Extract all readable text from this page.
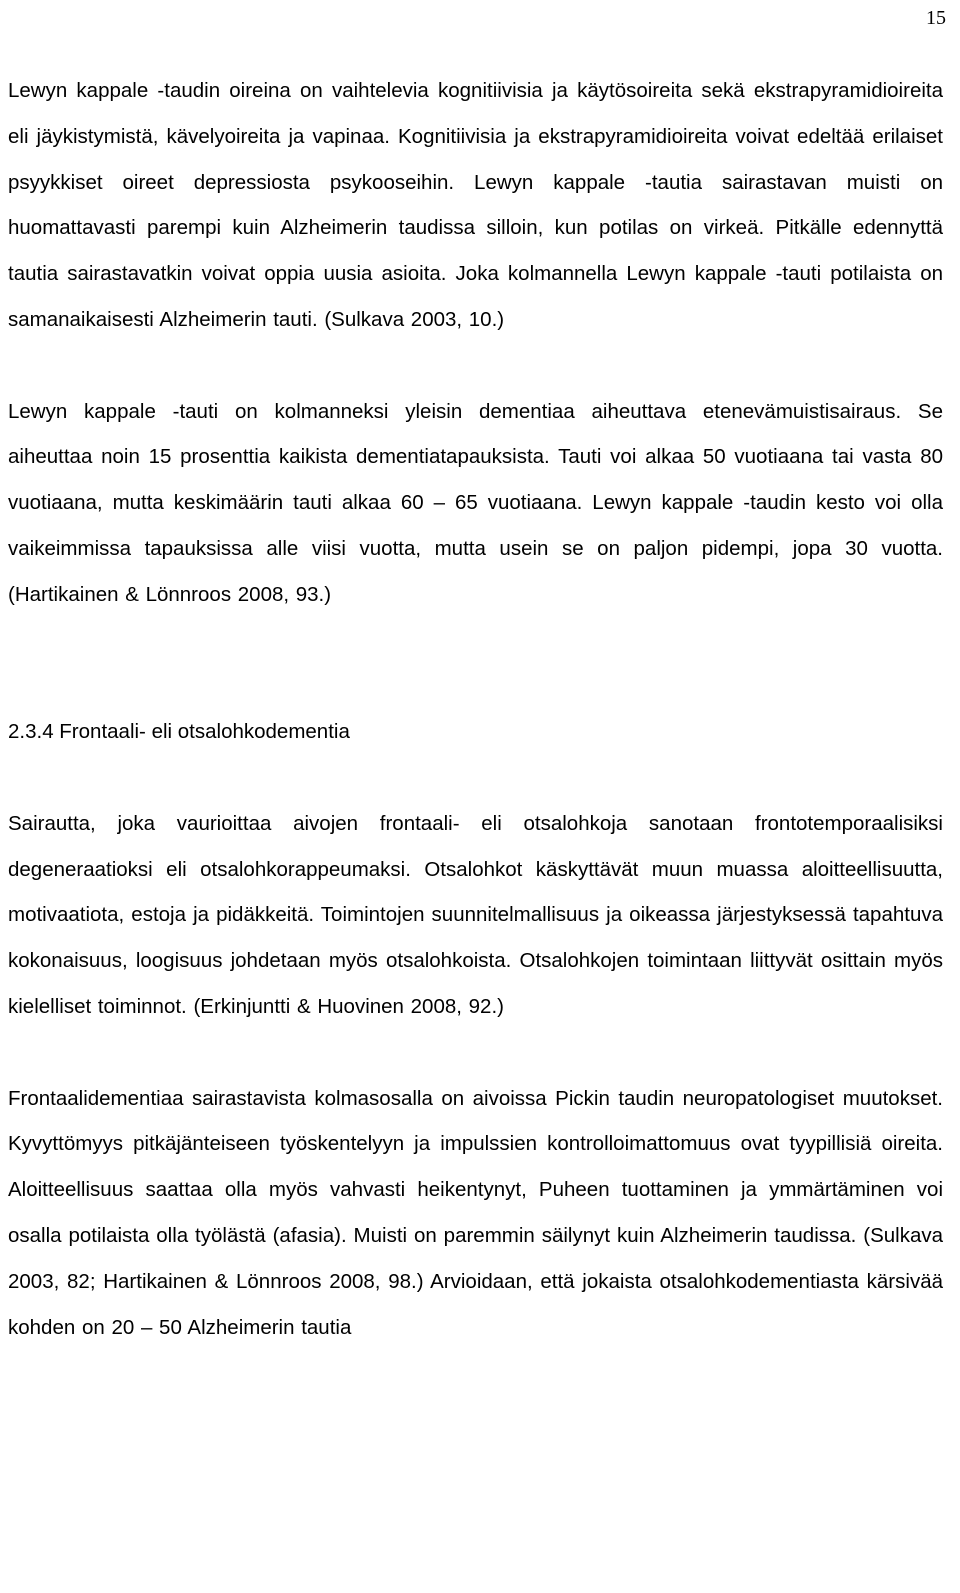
15

Lewyn kappale -taudin oireina on vaihtelevia kognitiivisia ja käytösoireita sekä ekstrapyramidioireita eli jäykistymistä, kävelyoireita ja vapinaa. Kognitiivisia ja ekstrapyramidioireita voivat edeltää erilaiset psyykkiset oireet depressiosta psykooseihin. Lewyn kappale -tautia sairastavan muisti on huomattavasti parempi kuin Alzheimerin taudissa silloin, kun potilas on virkeä. Pitkälle edennyttä tautia sairastavatkin voivat oppia uusia asioita. Joka kolmannella Lewyn kappale -tauti potilaista on samanaikaisesti Alzheimerin tauti. (Sulkava 2003, 10.)

Lewyn kappale -tauti on kolmanneksi yleisin dementiaa aiheuttava etenevämuistisairaus. Se aiheuttaa noin 15 prosenttia kaikista dementiatapauksista. Tauti voi alkaa 50 vuotiaana tai vasta 80 vuotiaana, mutta keskimäärin tauti alkaa 60 – 65 vuotiaana. Lewyn kappale -taudin kesto voi olla vaikeimmissa tapauksissa alle viisi vuotta, mutta usein se on paljon pidempi, jopa 30 vuotta. (Hartikainen & Lönnroos 2008, 93.)

2.3.4 Frontaali- eli otsalohkodementia

Sairautta, joka vaurioittaa aivojen frontaali- eli otsalohkoja sanotaan frontotemporaalisiksi degeneraatioksi eli otsalohkorappeumaksi. Otsalohkot käskyttävät muun muassa aloitteellisuutta, motivaatiota, estoja ja pidäkkeitä. Toimintojen suunnitelmallisuus ja oikeassa järjestyksessä tapahtuva kokonaisuus, loogisuus johdetaan myös otsalohkoista. Otsalohkojen toimintaan liittyvät osittain myös kielelliset toiminnot. (Erkinjuntti & Huovinen 2008, 92.)

Frontaalidementiaa sairastavista kolmasosalla on aivoissa Pickin taudin neuropatologiset muutokset. Kyvyttömyys pitkäjänteiseen työskentelyyn ja impulssien kontrolloimattomuus ovat tyypillisiä oireita. Aloitteellisuus saattaa olla myös vahvasti heikentynyt, Puheen tuottaminen ja ymmärtäminen voi osalla potilaista olla työlästä (afasia). Muisti on paremmin säilynyt kuin Alzheimerin taudissa. (Sulkava 2003, 82; Hartikainen & Lönnroos 2008, 98.) Arvioidaan, että jokaista otsalohkodementiasta kärsivää kohden on 20 – 50 Alzheimerin tautia
